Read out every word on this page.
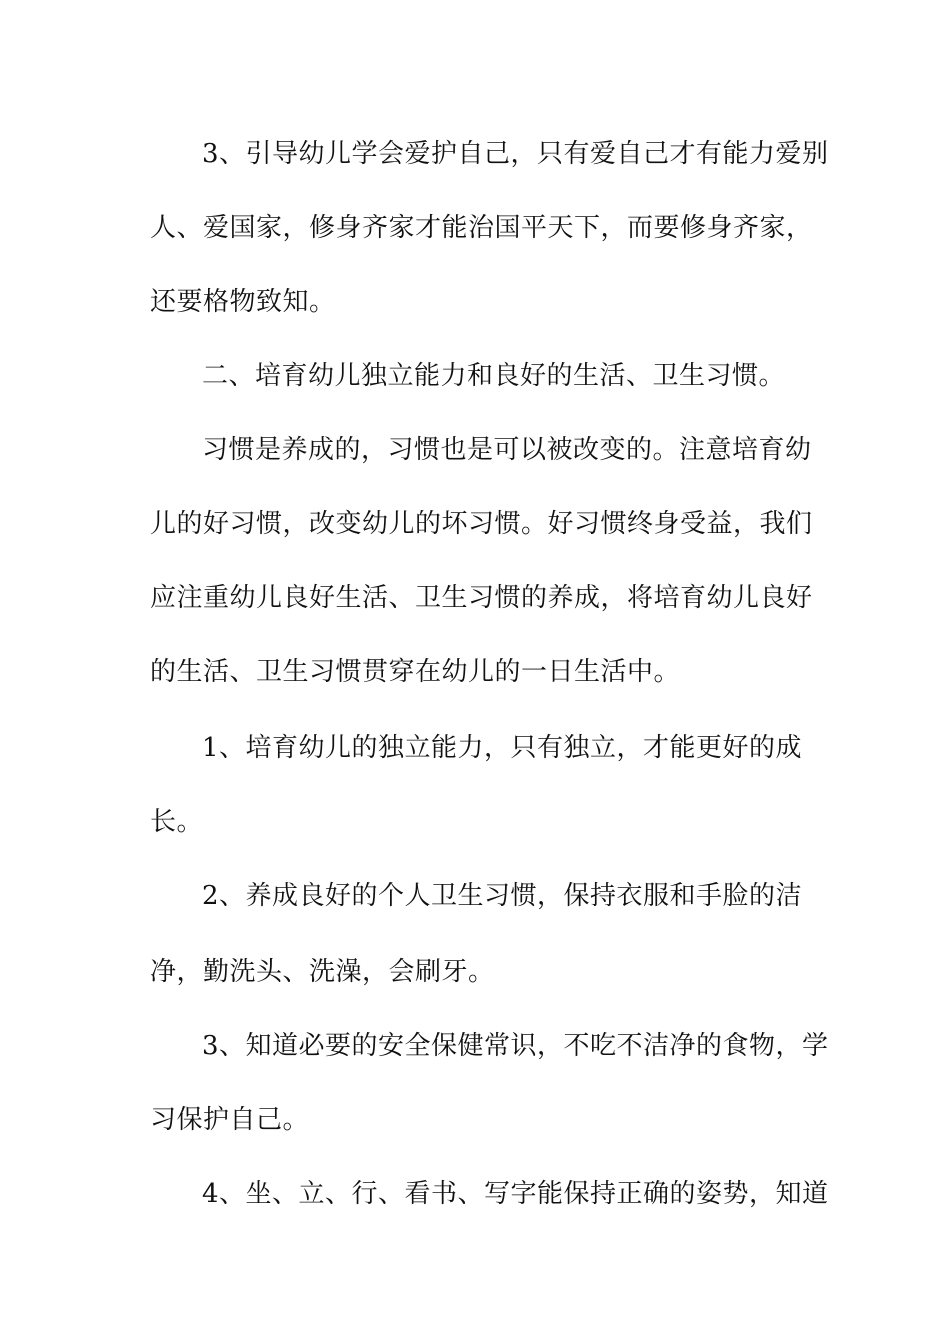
3、引导幼儿学会爱护自己，只有爱自己才有能力爱别
人、爱国家，修身齐家才能治国平天下，而要修身齐家，
还要格物致知。
二、培育幼儿独立能力和良好的生活、卫生习惯。
习惯是养成的，习惯也是可以被改变的。注意培育幼
儿的好习惯，改变幼儿的坏习惯。好习惯终身受益，我们
应注重幼儿良好生活、卫生习惯的养成，将培育幼儿良好
的生活、卫生习惯贯穿在幼儿的一日生活中。
1、培育幼儿的独立能力，只有独立，才能更好的成
长。
2、养成良好的个人卫生习惯，保持衣服和手脸的洁
净，勤洗头、洗澡，会刷牙。
3、知道必要的安全保健常识，不吃不洁净的食物，学
习保护自己。
4、坐、立、行、看书、写字能保持正确的姿势，知道
